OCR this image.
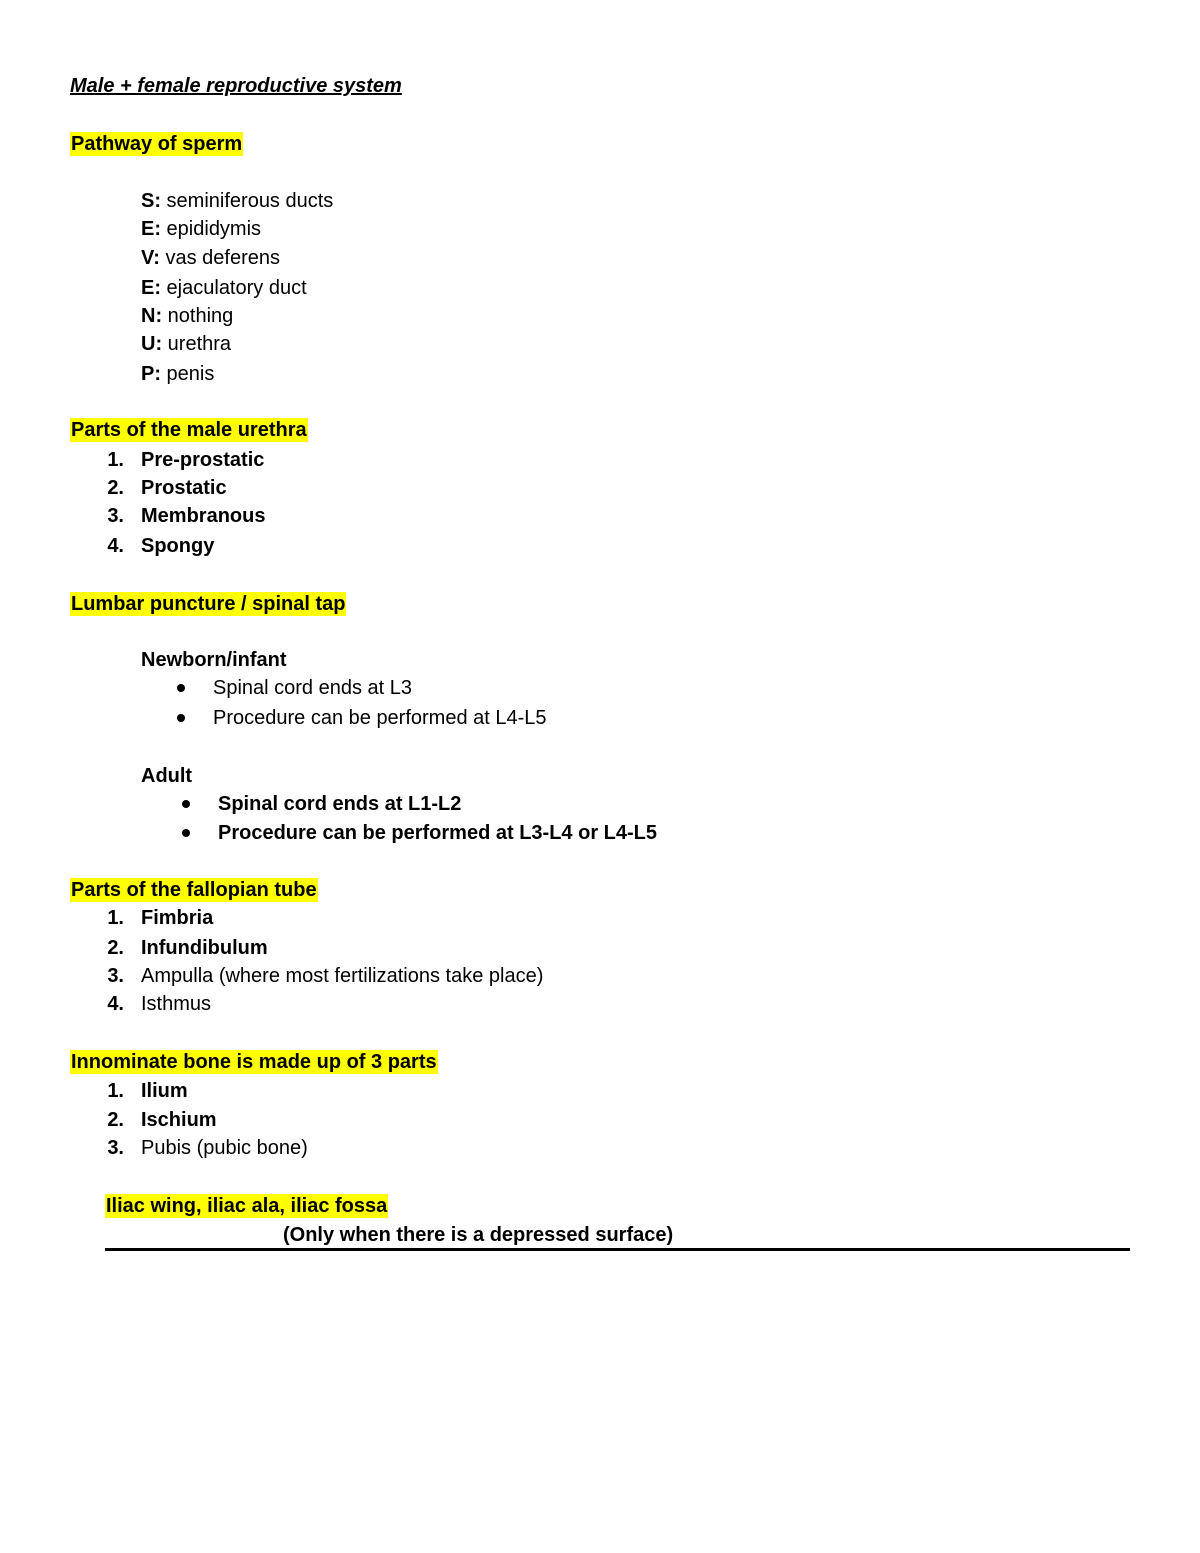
Male + female reproductive system
Pathway of sperm
S: seminiferous ducts
E: epididymis
V: vas deferens
E: ejaculatory duct
N: nothing
U: urethra
P: penis
Parts of the male urethra
1. Pre-prostatic
2. Prostatic
3. Membranous
4. Spongy
Lumbar puncture / spinal tap
Newborn/infant
Spinal cord ends at L3
Procedure can be performed at L4-L5
Adult
Spinal cord ends at L1-L2
Procedure can be performed at L3-L4 or L4-L5
Parts of the fallopian tube
1. Fimbria
2. Infundibulum
3. Ampulla (where most fertilizations take place)
4. Isthmus
Innominate bone is made up of 3 parts
1. Ilium
2. Ischium
3. Pubis (pubic bone)
Iliac wing, iliac ala, iliac fossa
(Only when there is a depressed surface)
